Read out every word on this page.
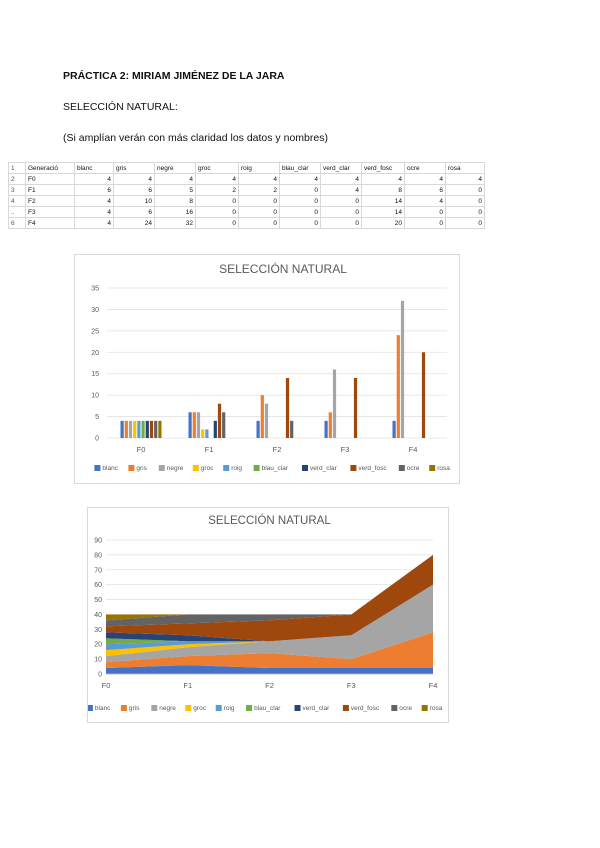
PRÁCTICA 2: MIRIAM JIMÉNEZ DE LA JARA
SELECCIÓN NATURAL:
(Si amplían verán con más claridad los datos y nombres)
1	Generació	blanc	gris	negre	groc	roig	blau_clar	verd_clar	verd_fosc	ocre	rosa
2	F0	4	4	4	4	4	4	4	4	4	4
3	F1	6	6	5	2	2	0	4	8	6	0
4	F2	4	10	8	0	0	0	0	14	4	0
..	F3	4	6	16	0	0	0	0	14	0	0
6	F4	4	24	32	0	0	0	0	20	0	0
SELECCIÓN NATURAL
0
5
10
15
20
25
30
35
F0	F1	F2	F3	F4
blanc	gris	negre	groc	roig	blau_clar	verd_clar	verd_fosc	ocre	rosa
SELECCIÓN NATURAL
0
10
20
30
40
50
60
70
80
90
F0	F1	F2	F3	F4
blanc	gris	negre	groc	roig	blau_clar	verd_clar	verd_fosc	ocre	rosa
